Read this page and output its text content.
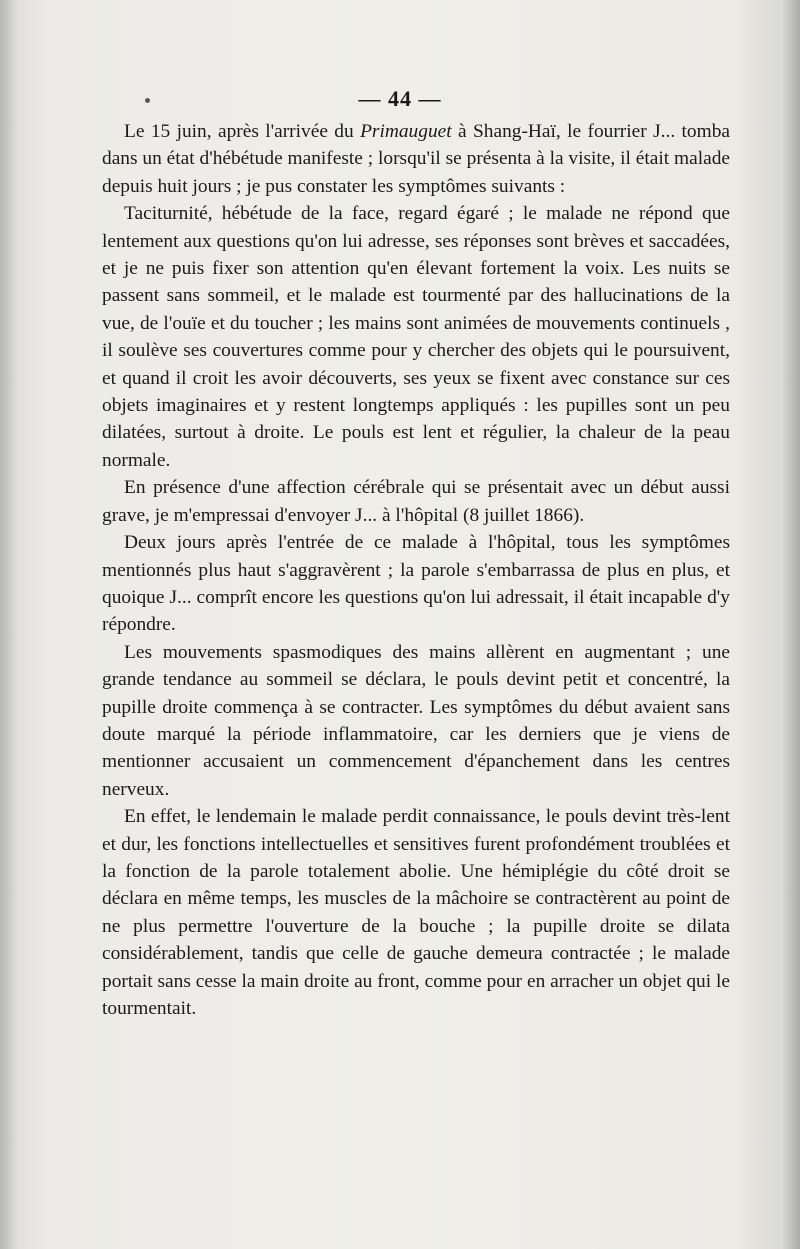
— 44 —

Le 15 juin, après l'arrivée du Primauguet à Shang-Haï, le fourrier J... tomba dans un état d'hébétude manifeste ; lorsqu'il se présenta à la visite, il était malade depuis huit jours ; je pus constater les symptômes suivants :

Taciturnité, hébétude de la face, regard égaré ; le malade ne répond que lentement aux questions qu'on lui adresse, ses réponses sont brèves et saccadées, et je ne puis fixer son attention qu'en élevant fortement la voix. Les nuits se passent sans sommeil, et le malade est tourmenté par des hallucinations de la vue, de l'ouïe et du toucher ; les mains sont animées de mouvements continuels , il soulève ses couvertures comme pour y chercher des objets qui le poursuivent, et quand il croit les avoir découverts, ses yeux se fixent avec constance sur ces objets imaginaires et y restent longtemps appliqués : les pupilles sont un peu dilatées, surtout à droite. Le pouls est lent et régulier, la chaleur de la peau normale.

En présence d'une affection cérébrale qui se présentait avec un début aussi grave, je m'empressai d'envoyer J... à l'hôpital (8 juillet 1866).

Deux jours après l'entrée de ce malade à l'hôpital, tous les symptômes mentionnés plus haut s'aggravèrent ; la parole s'embarrassa de plus en plus, et quoique J... comprît encore les questions qu'on lui adressait, il était incapable d'y répondre.

Les mouvements spasmodiques des mains allèrent en augmentant ; une grande tendance au sommeil se déclara, le pouls devint petit et concentré, la pupille droite commença à se contracter. Les symptômes du début avaient sans doute marqué la période inflammatoire, car les derniers que je viens de mentionner accusaient un commencement d'épanchement dans les centres nerveux.

En effet, le lendemain le malade perdit connaissance, le pouls devint très-lent et dur, les fonctions intellectuelles et sensitives furent profondément troublées et la fonction de la parole totalement abolie. Une hémiplégie du côté droit se déclara en même temps, les muscles de la mâchoire se contractèrent au point de ne plus permettre l'ouverture de la bouche ; la pupille droite se dilata considérablement, tandis que celle de gauche demeura contractée ; le malade portait sans cesse la main droite au front, comme pour en arracher un objet qui le tourmentait.
